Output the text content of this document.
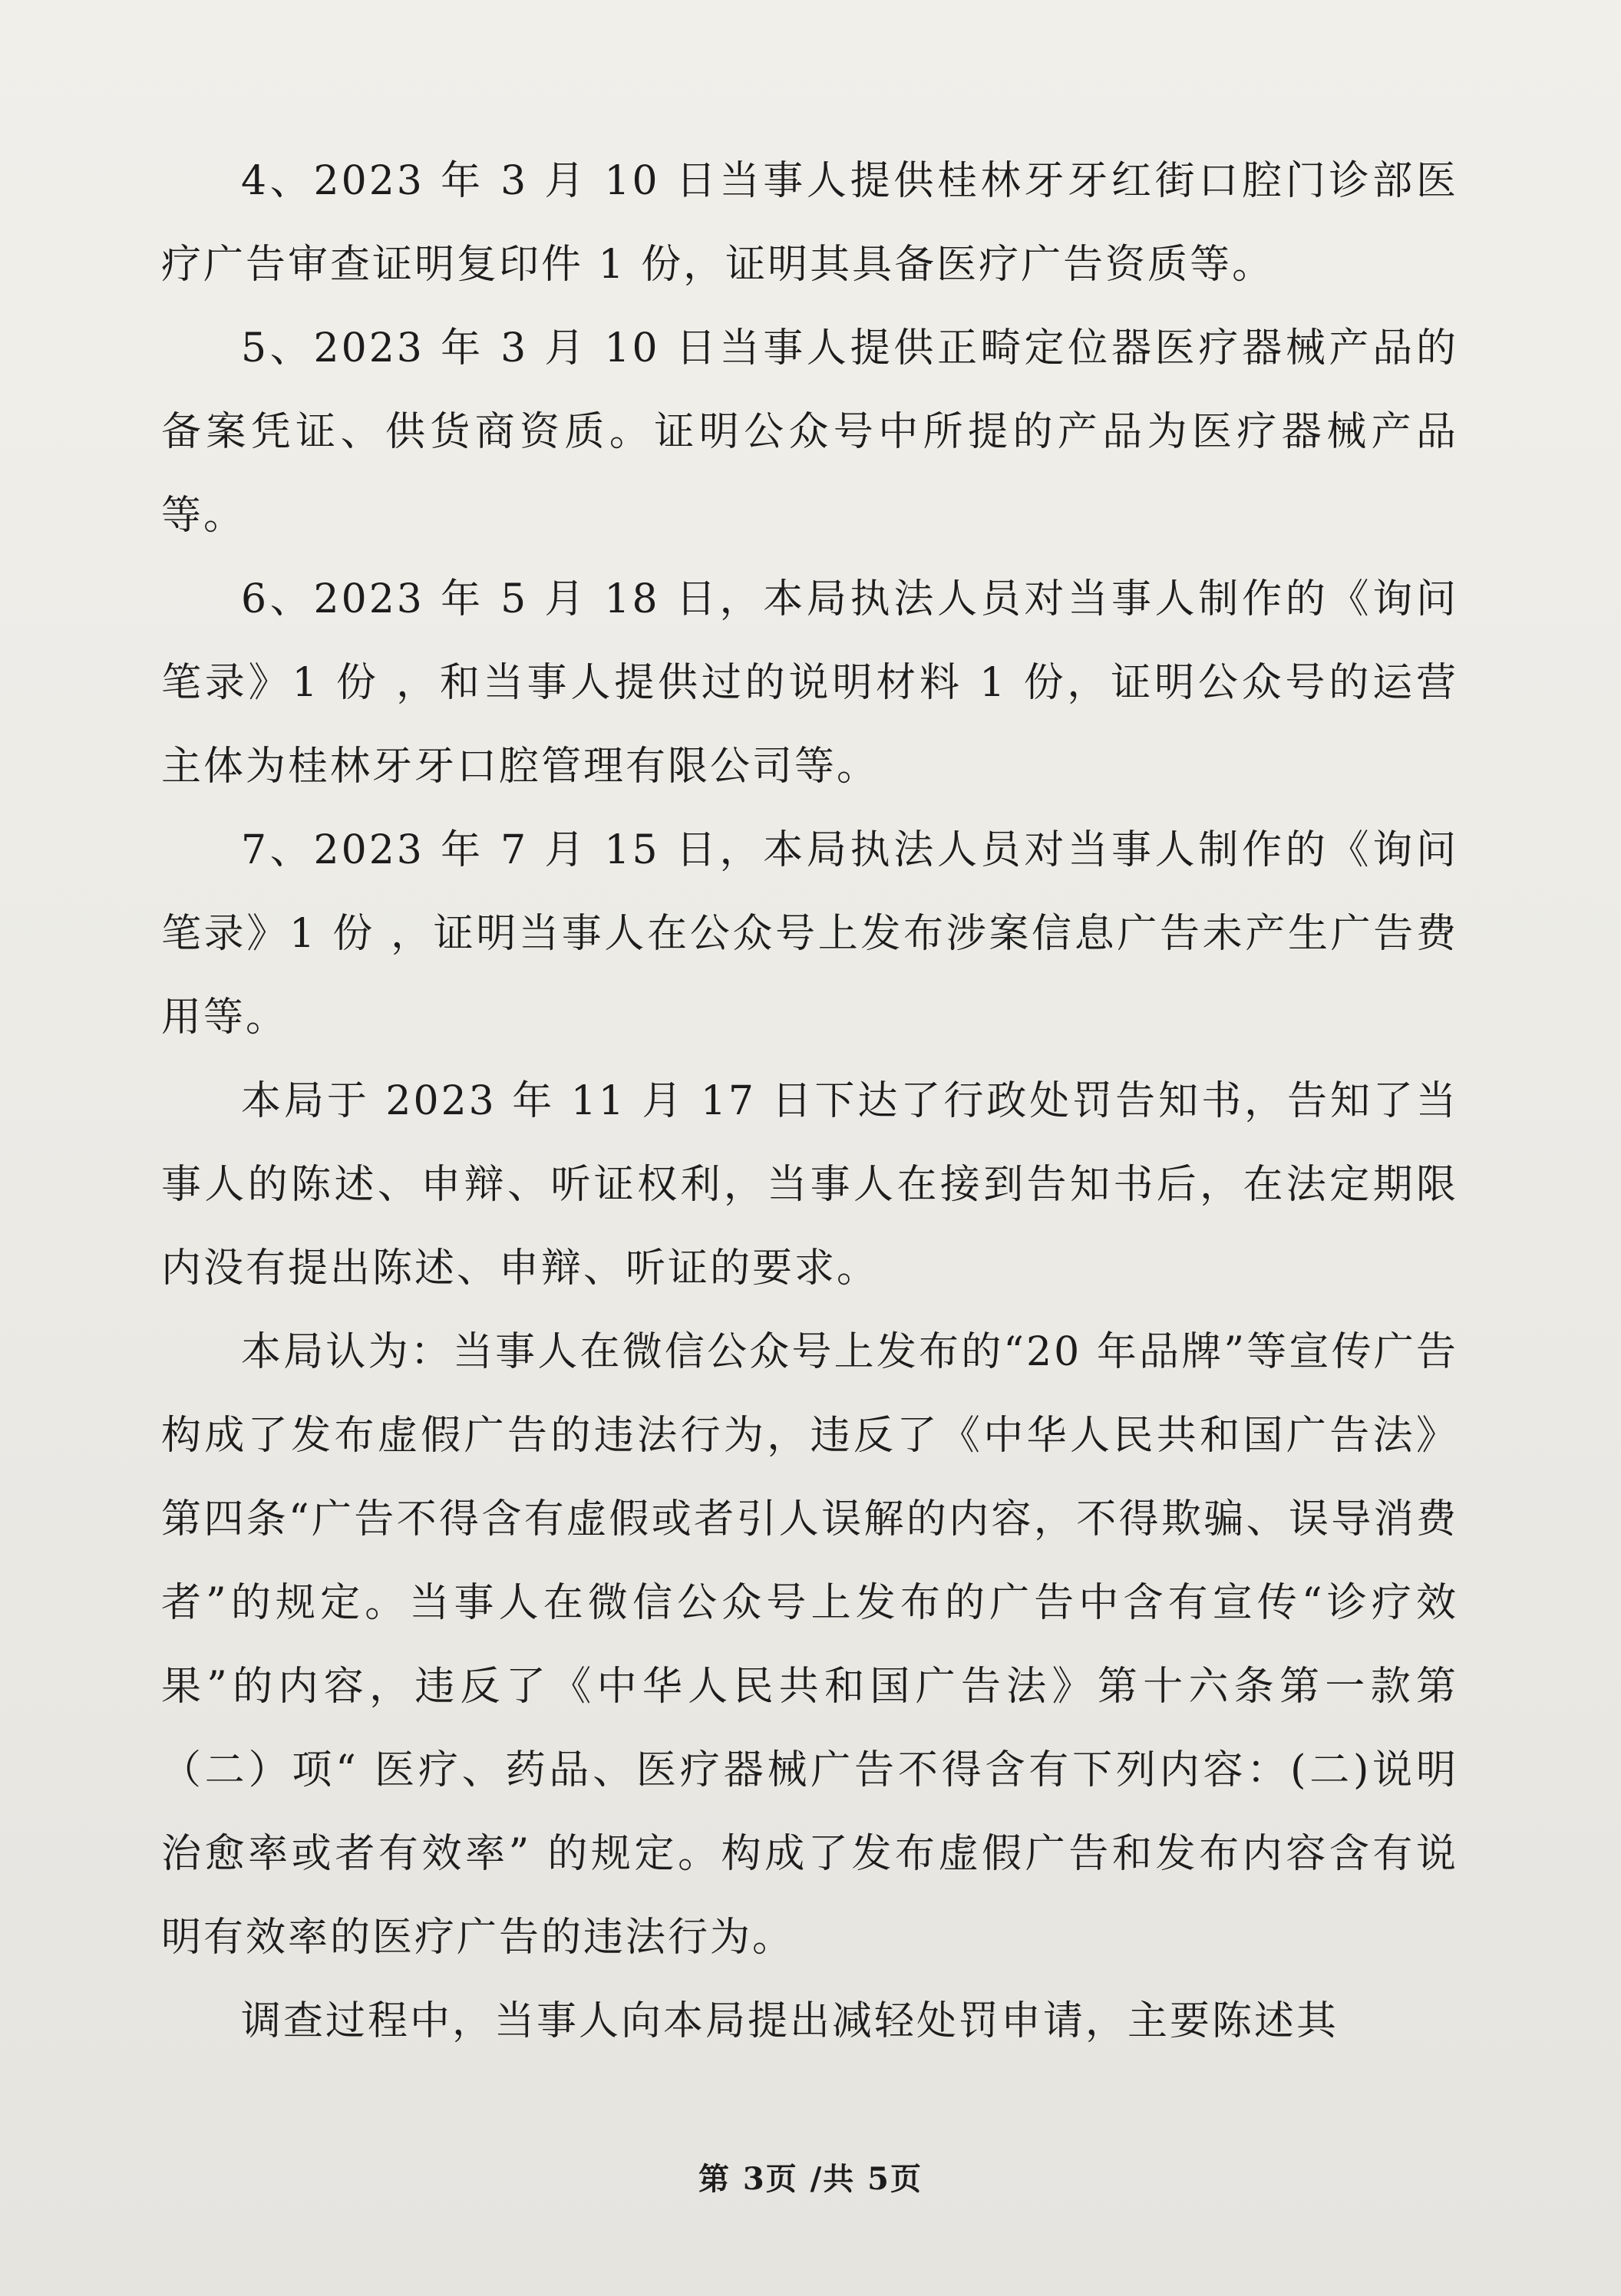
4、2023 年 3 月 10 日当事人提供桂林牙牙红街口腔门诊部医疗广告审查证明复印件 1 份，证明其具备医疗广告资质等。

5、2023 年 3 月 10 日当事人提供正畸定位器医疗器械产品的备案凭证、供货商资质。证明公众号中所提的产品为医疗器械产品等。

6、2023 年 5 月 18 日，本局执法人员对当事人制作的《询问笔录》1 份 ，和当事人提供过的说明材料 1 份，证明公众号的运营主体为桂林牙牙口腔管理有限公司等。

7、2023 年 7 月 15 日，本局执法人员对当事人制作的《询问笔录》1 份 ，证明当事人在公众号上发布涉案信息广告未产生广告费用等。

本局于 2023 年 11 月 17 日下达了行政处罚告知书，告知了当事人的陈述、申辩、听证权利，当事人在接到告知书后，在法定期限内没有提出陈述、申辩、听证的要求。

本局认为：当事人在微信公众号上发布的“20 年品牌”等宣传广告构成了发布虚假广告的违法行为，违反了《中华人民共和国广告法》第四条“广告不得含有虚假或者引人误解的内容，不得欺骗、误导消费者”的规定。当事人在微信公众号上发布的广告中含有宣传“诊疗效果”的内容，违反了《中华人民共和国广告法》第十六条第一款第（二）项“ 医疗、药品、医疗器械广告不得含有下列内容：(二)说明治愈率或者有效率” 的规定。构成了发布虚假广告和发布内容含有说明有效率的医疗广告的违法行为。

调查过程中，当事人向本局提出减轻处罚申请，主要陈述其

第 3页 /共 5页
